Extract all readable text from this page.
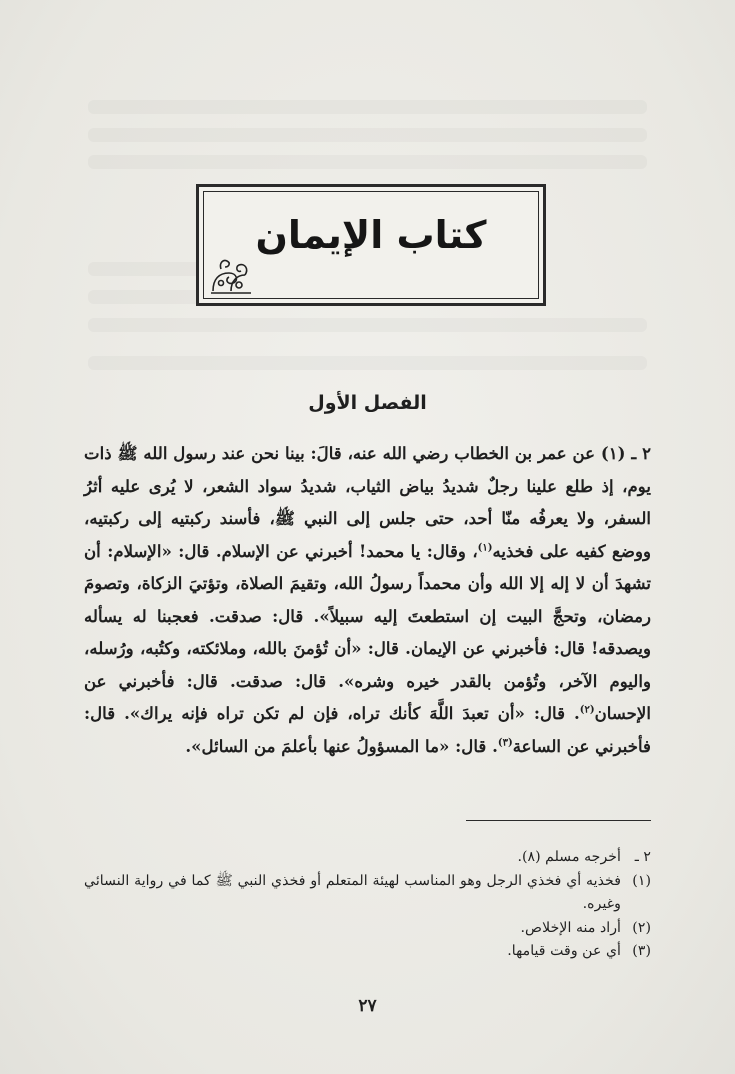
كتاب الإيمان
الفصل الأول

٢ ـ (١) عن عمر بن الخطاب رضي الله عنه، قالَ: بينا نحن عند رسول الله ﷺ ذات يوم، إذ طلع علينا رجلٌ شديدُ بياض الثياب، شديدُ سواد الشعر، لا يُرى عليه أثرُ السفر، ولا يعرفُه منّا أحد، حتى جلس إلى النبي ﷺ، فأسند ركبتيه إلى ركبتيه، ووضع كفيه على فخذيه$^{(١)}$، وقال: يا محمد! أخبرني عن الإسلام. قال: «الإسلام: أن تشهدَ أن لا إله إلا الله وأن محمداً رسولُ الله، وتقيمَ الصلاة، وتؤتيَ الزكاة، وتصومَ رمضان، وتحجَّ البيت إن استطعتَ إليه سبيلاً». قال: صدقت. فعجبنا له يسأله ويصدقه! قال: فأخبرني عن الإيمان. قال: «أن تُؤمنَ بالله، وملائكته، وكتُبه، ورُسله، واليوم الآخر، وتُؤمن بالقدر خيره وشره». قال: صدقت. قال: فأخبرني عن الإحسان$^{(٢)}$. قال: «أن تعبدَ اللَّهَ كأنك تراه، فإن لم تكن تراه فإنه يراك». قال: فأخبرني عن الساعة$^{(٣)}$. قال: «ما المسؤولُ عنها بأعلمَ من السائل».

٢ ـ
أخرجه مسلم (٨).
(١)
فخذيه أي فخذي الرجل وهو المناسب لهيئة المتعلم أو فخذي النبي ﷺ كما في رواية النسائي وغيره.
(٢)
أراد منه الإخلاص.
(٣)
أي عن وقت قيامها.
٢٧
